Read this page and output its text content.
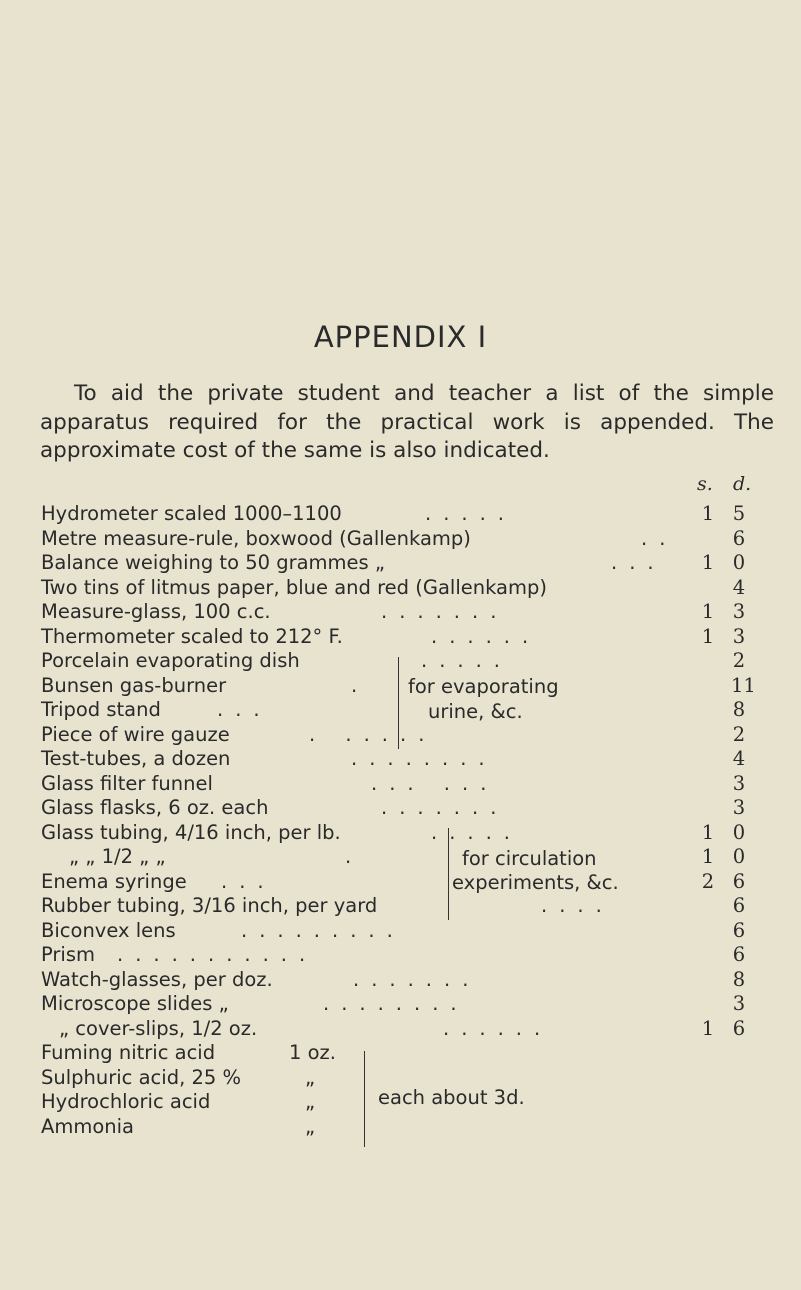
APPENDIX I
To aid the private student and teacher a list of the simple
apparatus required for the practical work is appended. The
approximate cost of the same is also indicated.
s. d.
Hydrometer scaled 1000–1100	.....	1 5
Metre measure-rule, boxwood (Gallenkamp)	..	6
Balance weighing to 50 grammes „	... 1 0
Two tins of litmus paper, blue and red (Gallenkamp)	4
Measure-glass, 100 c.c.	.......	1 3
Thermometer scaled to 212° F.	......	1 3
Porcelain evaporating dish	.....	2
Bunsen gas-burner	.	11
Tripod stand	...	8
Piece of wire gauze	. .....	2
Test-tubes, a dozen	........	4
Glass filter funnel	... ...	3
Glass flasks, 6 oz. each	.......	3
Glass tubing, 4/16 inch, per lb.	.....	1 0
„ „ 1/2 „ „	.	1 0
Enema syringe ...	2 6
Rubber tubing, 3/16 inch, per yard	....	6
Biconvex lens	.........	6
Prism ...........	6
Watch-glasses, per doz.	.......	8
Microscope slides „	........	3
„ cover-slips, 1/2 oz.	......	1 6
Fuming nitric acid	1 oz.
Sulphuric acid, 25 %	„
Hydrochloric acid	„
Ammonia	„
for evaporating
urine, &c.
for circulation
experiments, &c.
each about 3d.
